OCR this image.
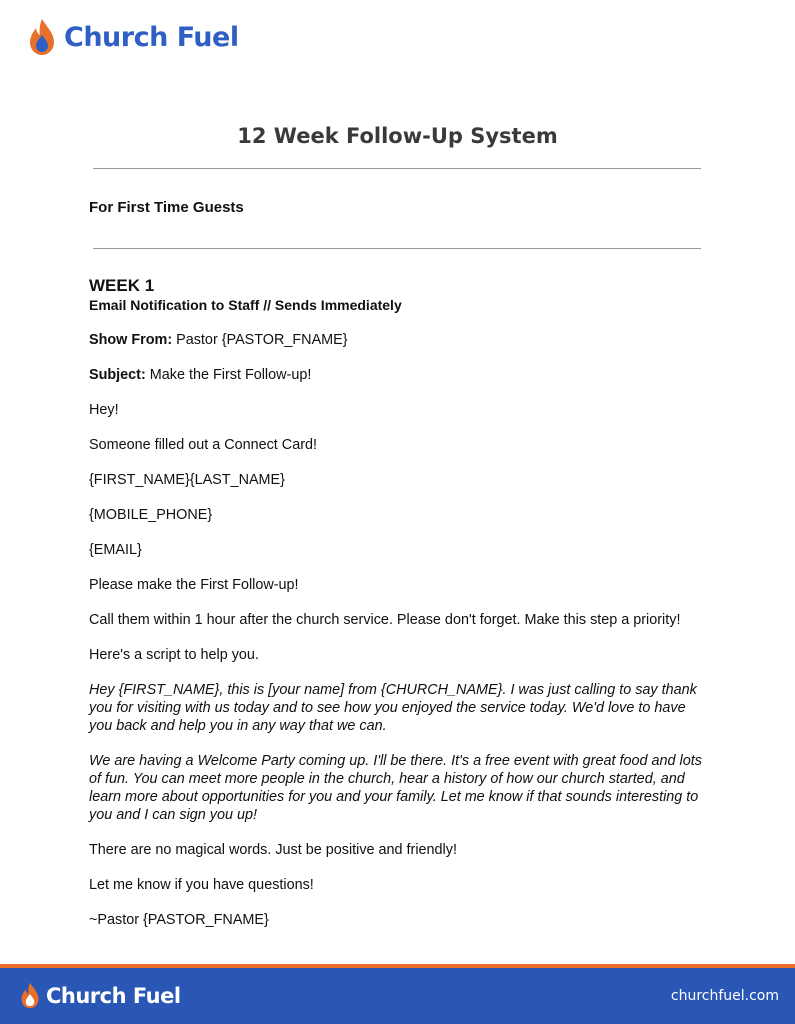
Church Fuel
12 Week Follow-Up System
For First Time Guests
WEEK 1
Email Notification to Staff // Sends Immediately

Show From: Pastor {PASTOR_FNAME}

Subject: Make the First Follow-up!

Hey!

Someone filled out a Connect Card!

{FIRST_NAME}{LAST_NAME}

{MOBILE_PHONE}

{EMAIL}

Please make the First Follow-up!

Call them within 1 hour after the church service. Please don't forget. Make this step a priority!

Here's a script to help you.

Hey {FIRST_NAME}, this is [your name] from {CHURCH_NAME}. I was just calling to say thank you for visiting with us today and to see how you enjoyed the service today. We'd love to have you back and help you in any way that we can.

We are having a Welcome Party coming up. I'll be there. It's a free event with great food and lots of fun. You can meet more people in the church, hear a history of how our church started, and learn more about opportunities for you and your family. Let me know if that sounds interesting to you and I can sign you up!

There are no magical words. Just be positive and friendly!

Let me know if you have questions!

~Pastor {PASTOR_FNAME}

Church Fuel	churchfuel.com
